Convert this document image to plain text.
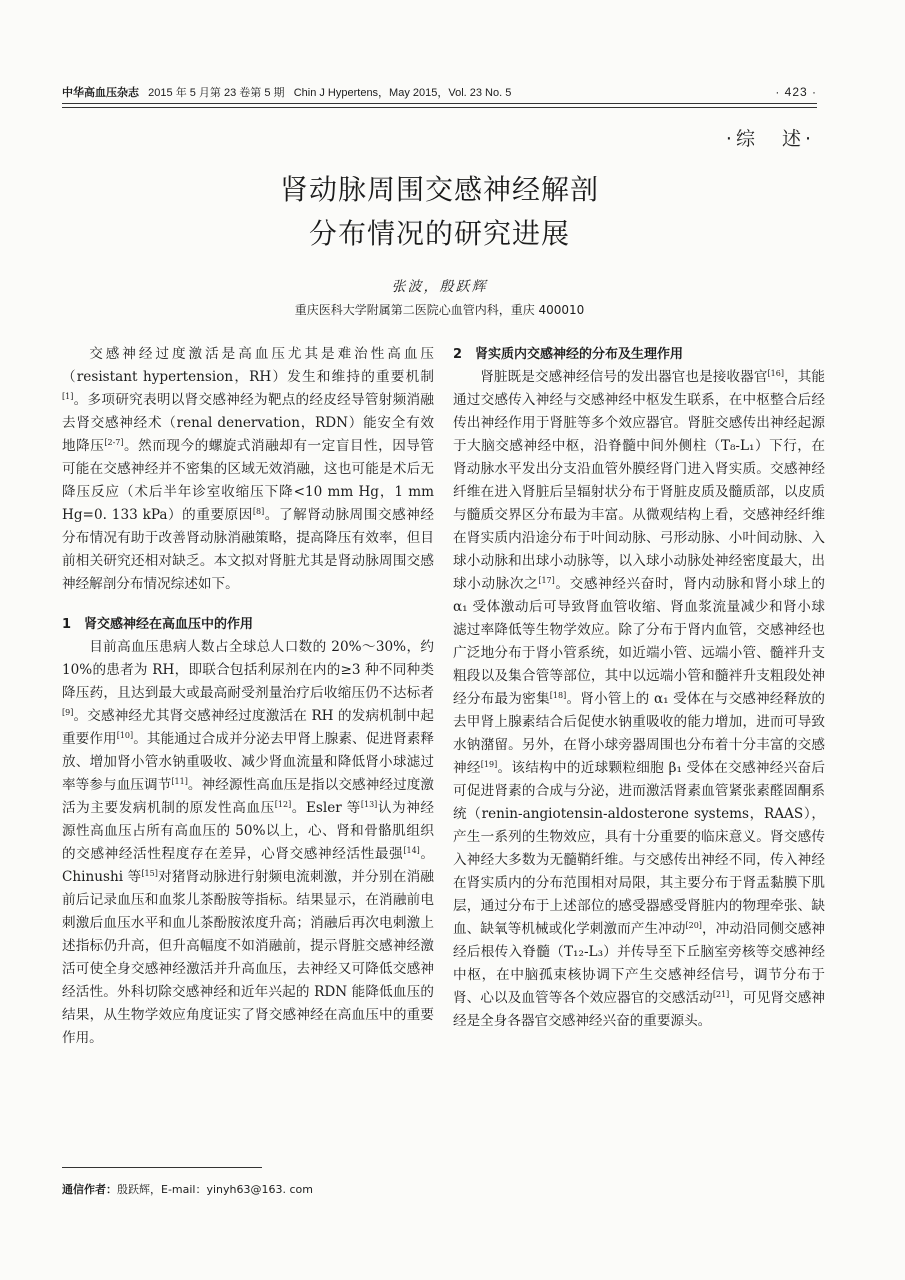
中华高血压杂志 2015 年 5 月第 23 卷第 5 期 Chin J Hypertens，May 2015，Vol. 23 No. 5	· 423 ·
·综　述·
肾动脉周围交感神经解剖
分布情况的研究进展
张波，殷跃辉
重庆医科大学附属第二医院心血管内科，重庆 400010

交感神经过度激活是高血压尤其是难治性高血压（resistant hypertension，RH）发生和维持的重要机制[1]。多项研究表明以肾交感神经为靶点的经皮经导管射频消融去肾交感神经术（renal denervation，RDN）能安全有效地降压[2-7]。然而现今的螺旋式消融却有一定盲目性，因导管可能在交感神经并不密集的区域无效消融，这也可能是术后无降压反应（术后半年诊室收缩压下降<10 mm Hg，1 mm Hg=0. 133 kPa）的重要原因[8]。了解肾动脉周围交感神经分布情况有助于改善肾动脉消融策略，提高降压有效率，但目前相关研究还相对缺乏。本文拟对肾脏尤其是肾动脉周围交感神经解剖分布情况综述如下。

1　肾交感神经在高血压中的作用

目前高血压患病人数占全球总人口数的 20%～30%，约 10%的患者为 RH，即联合包括利尿剂在内的≥3 种不同种类降压药，且达到最大或最高耐受剂量治疗后收缩压仍不达标者[9]。交感神经尤其肾交感神经过度激活在 RH 的发病机制中起重要作用[10]。其能通过合成并分泌去甲肾上腺素、促进肾素释放、增加肾小管水钠重吸收、减少肾血流量和降低肾小球滤过率等参与血压调节[11]。神经源性高血压是指以交感神经过度激活为主要发病机制的原发性高血压[12]。Esler 等[13]认为神经源性高血压占所有高血压的 50%以上，心、肾和骨骼肌组织的交感神经活性程度存在差异，心肾交感神经活性最强[14]。Chinushi 等[15]对猪肾动脉进行射频电流刺激，并分别在消融前后记录血压和血浆儿茶酚胺等指标。结果显示，在消融前电刺激后血压水平和血儿茶酚胺浓度升高；消融后再次电刺激上述指标仍升高，但升高幅度不如消融前，提示肾脏交感神经激活可使全身交感神经激活并升高血压，去神经又可降低交感神经活性。外科切除交感神经和近年兴起的 RDN 能降低血压的结果，从生物学效应角度证实了肾交感神经在高血压中的重要作用。

2　肾实质内交感神经的分布及生理作用

肾脏既是交感神经信号的发出器官也是接收器官[16]，其能通过交感传入神经与交感神经中枢发生联系，在中枢整合后经传出神经作用于肾脏等多个效应器官。肾脏交感传出神经起源于大脑交感神经中枢，沿脊髓中间外侧柱（T₈-L₁）下行，在肾动脉水平发出分支沿血管外膜经肾门进入肾实质。交感神经纤维在进入肾脏后呈辐射状分布于肾脏皮质及髓质部，以皮质与髓质交界区分布最为丰富。从微观结构上看，交感神经纤维在肾实质内沿途分布于叶间动脉、弓形动脉、小叶间动脉、入球小动脉和出球小动脉等，以入球小动脉处神经密度最大，出球小动脉次之[17]。交感神经兴奋时，肾内动脉和肾小球上的 α₁ 受体激动后可导致肾血管收缩、肾血浆流量减少和肾小球滤过率降低等生物学效应。除了分布于肾内血管，交感神经也广泛地分布于肾小管系统，如近端小管、远端小管、髓袢升支粗段以及集合管等部位，其中以远端小管和髓袢升支粗段处神经分布最为密集[18]。肾小管上的 α₁ 受体在与交感神经释放的去甲肾上腺素结合后促使水钠重吸收的能力增加，进而可导致水钠潴留。另外，在肾小球旁器周围也分布着十分丰富的交感神经[19]。该结构中的近球颗粒细胞 β₁ 受体在交感神经兴奋后可促进肾素的合成与分泌，进而激活肾素血管紧张素醛固酮系统（renin-angiotensin-aldosterone systems，RAAS），产生一系列的生物效应，具有十分重要的临床意义。肾交感传入神经大多数为无髓鞘纤维。与交感传出神经不同，传入神经在肾实质内的分布范围相对局限，其主要分布于肾盂黏膜下肌层，通过分布于上述部位的感受器感受肾脏内的物理牵张、缺血、缺氧等机械或化学刺激而产生冲动[20]，冲动沿同侧交感神经后根传入脊髓（T₁₂-L₃）并传导至下丘脑室旁核等交感神经中枢，在中脑孤束核协调下产生交感神经信号，调节分布于肾、心以及血管等各个效应器官的交感活动[21]，可见肾交感神经是全身各器官交感神经兴奋的重要源头。

通信作者：殷跃辉，E-mail：yinyh63@163. com
